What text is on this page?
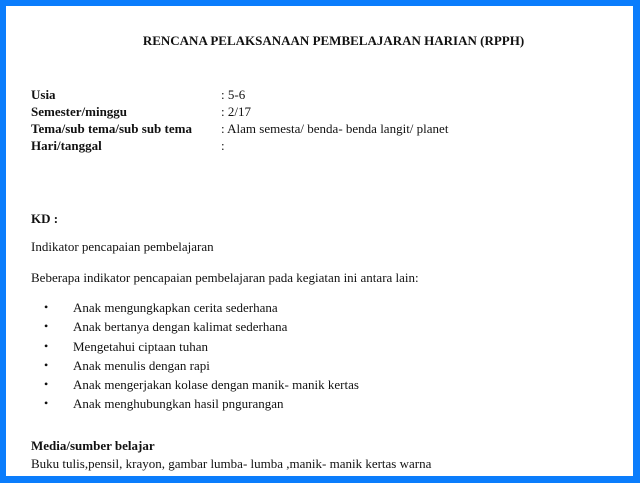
RENCANA PELAKSANAAN PEMBELAJARAN HARIAN (RPPH)
Usia	: 5-6
Semester/minggu	: 2/17
Tema/sub tema/sub sub tema	: Alam semesta/ benda- benda langit/ planet
Hari/tanggal	:
KD :
Indikator pencapaian pembelajaran
Beberapa indikator pencapaian pembelajaran pada kegiatan ini antara lain:
•	Anak mengungkapkan cerita sederhana
•	Anak bertanya dengan kalimat sederhana
•	Mengetahui ciptaan tuhan
•	Anak menulis dengan rapi
•	Anak mengerjakan kolase dengan manik- manik kertas
•	Anak menghubungkan hasil pngurangan
Media/sumber belajar
Buku tulis,pensil, krayon, gambar lumba- lumba ,manik- manik kertas warna
